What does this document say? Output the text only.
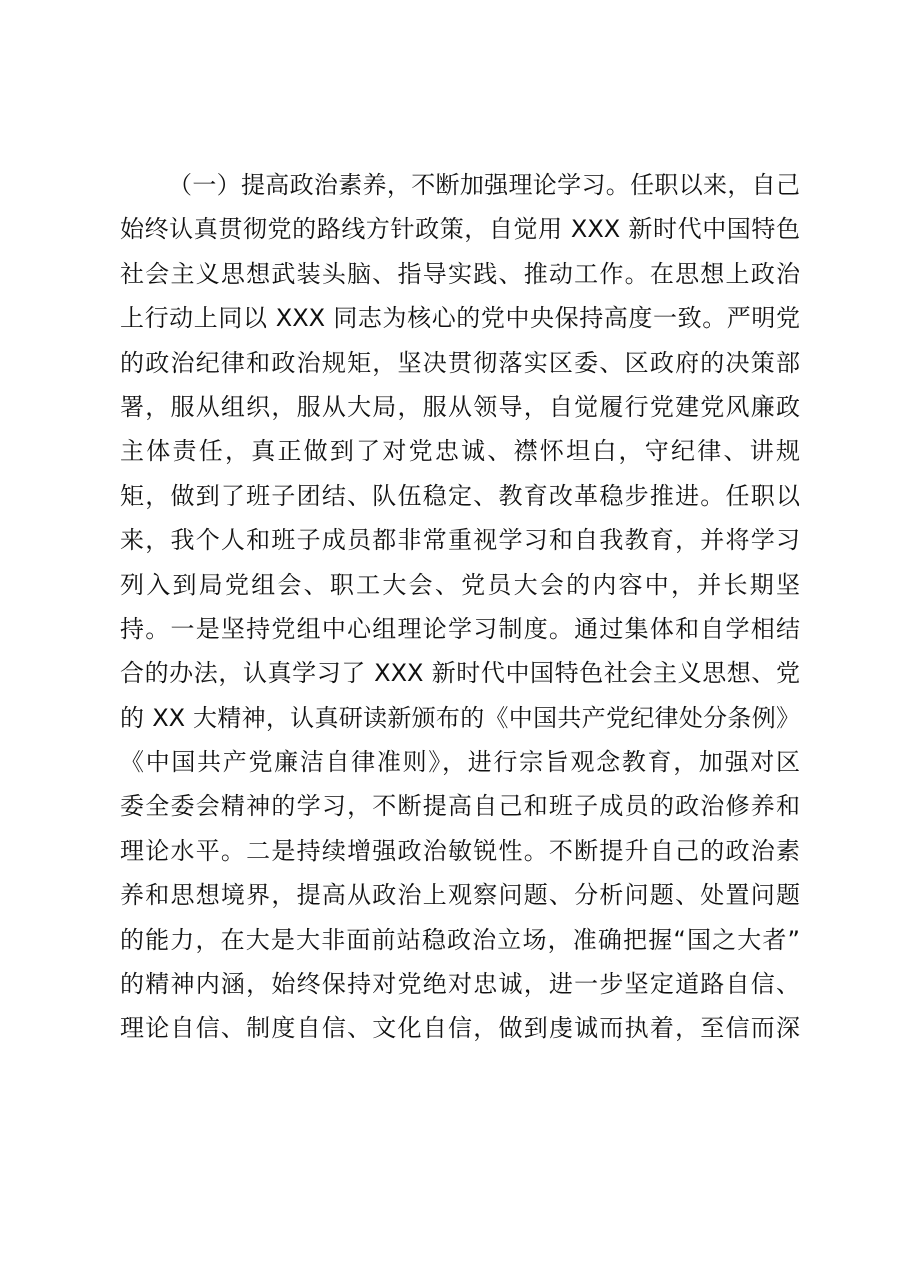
（一）提高政治素养，不断加强理论学习。任职以来，自己
始终认真贯彻党的路线方针政策，自觉用 XXX 新时代中国特色
社会主义思想武装头脑、指导实践、推动工作。在思想上政治
上行动上同以 XXX 同志为核心的党中央保持高度一致。严明党
的政治纪律和政治规矩，坚决贯彻落实区委、区政府的决策部
署，服从组织，服从大局，服从领导，自觉履行党建党风廉政
主体责任，真正做到了对党忠诚、襟怀坦白，守纪律、讲规
矩，做到了班子团结、队伍稳定、教育改革稳步推进。任职以
来，我个人和班子成员都非常重视学习和自我教育，并将学习
列入到局党组会、职工大会、党员大会的内容中，并长期坚
持。一是坚持党组中心组理论学习制度。通过集体和自学相结
合的办法，认真学习了 XXX 新时代中国特色社会主义思想、党
的 XX 大精神，认真研读新颁布的《中国共产党纪律处分条例》
《中国共产党廉洁自律准则》，进行宗旨观念教育，加强对区
委全委会精神的学习，不断提高自己和班子成员的政治修养和
理论水平。二是持续增强政治敏锐性。不断提升自己的政治素
养和思想境界，提高从政治上观察问题、分析问题、处置问题
的能力，在大是大非面前站稳政治立场，准确把握“国之大者”
的精神内涵，始终保持对党绝对忠诚，进一步坚定道路自信、
理论自信、制度自信、文化自信，做到虔诚而执着，至信而深
